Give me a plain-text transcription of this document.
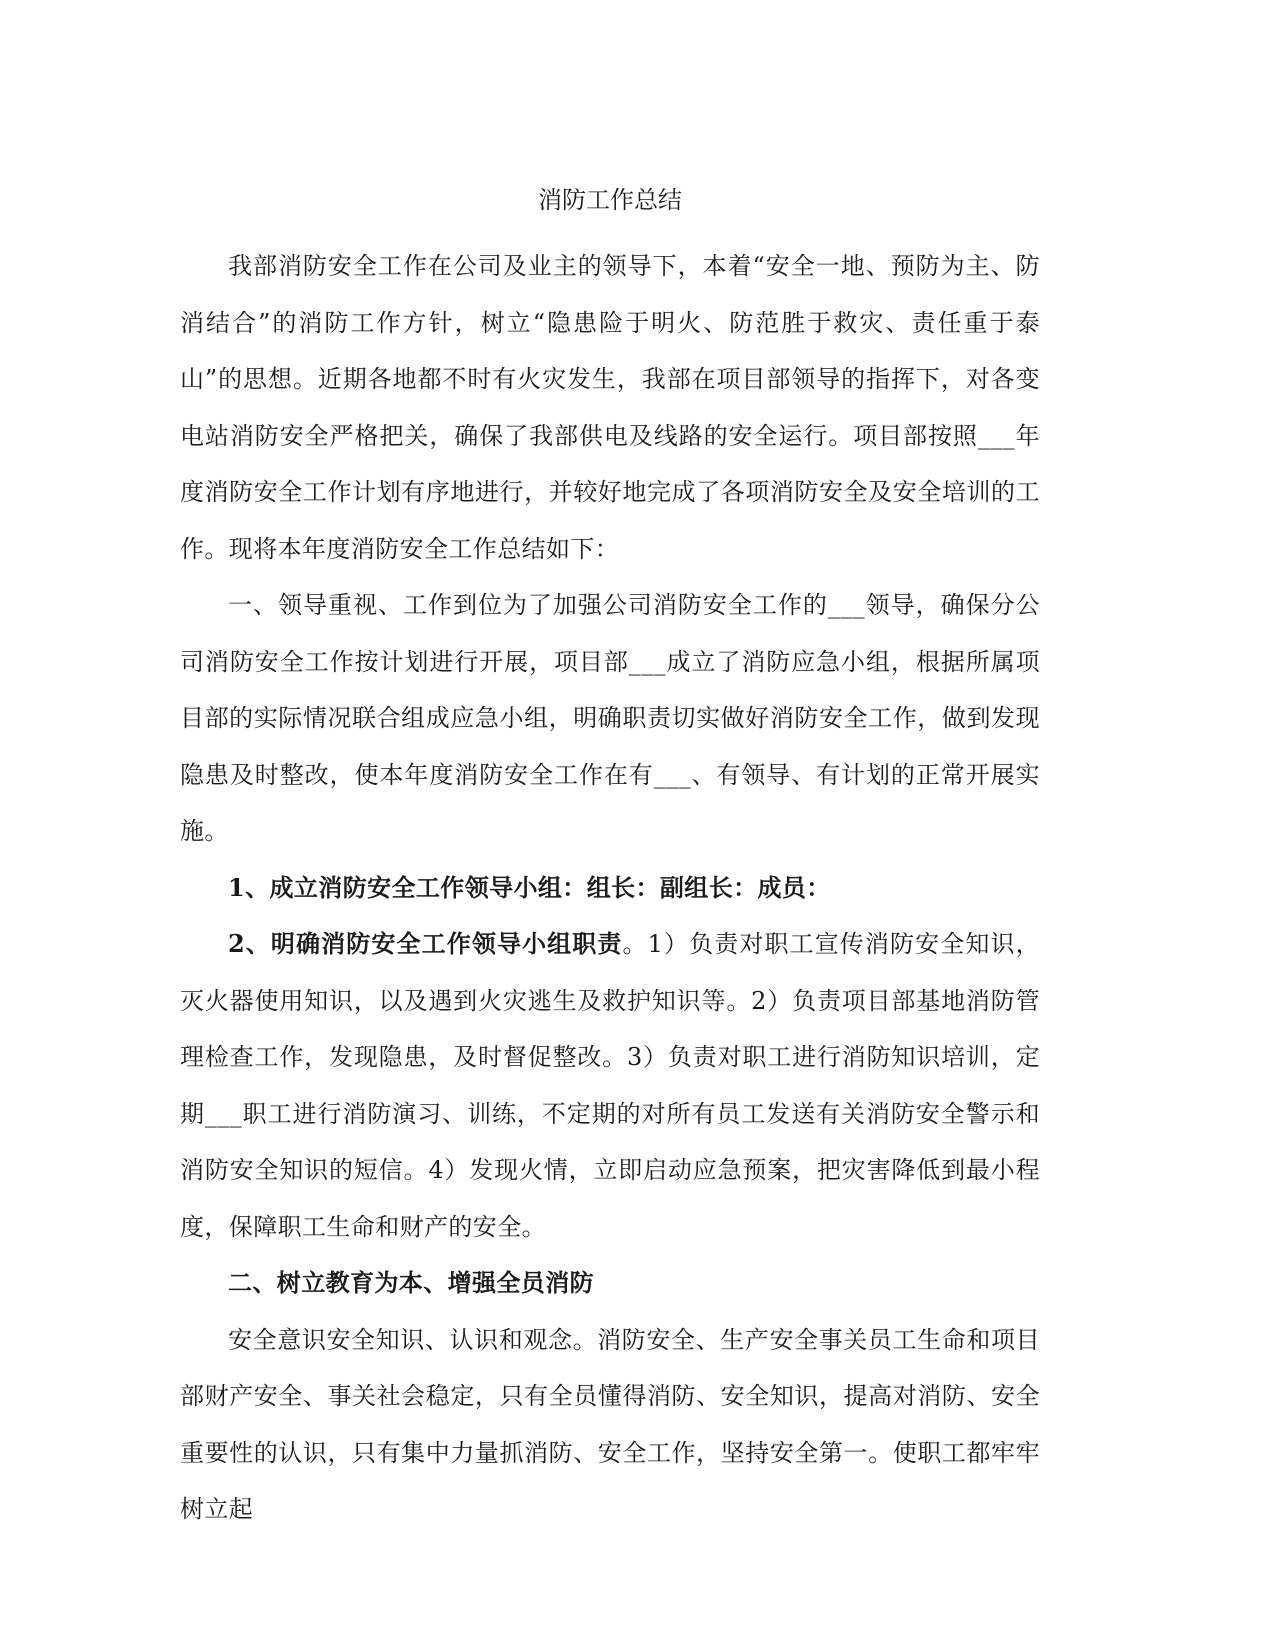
消防工作总结

我部消防安全工作在公司及业主的领导下，本着“安全一地、预防为主、防消结合”的消防工作方针，树立“隐患险于明火、防范胜于救灾、责任重于泰山”的思想。近期各地都不时有火灾发生，我部在项目部领导的指挥下，对各变电站消防安全严格把关，确保了我部供电及线路的安全运行。项目部按照___年度消防安全工作计划有序地进行，并较好地完成了各项消防安全及安全培训的工作。现将本年度消防安全工作总结如下：

一、领导重视、工作到位为了加强公司消防安全工作的___领导，确保分公司消防安全工作按计划进行开展，项目部___成立了消防应急小组，根据所属项目部的实际情况联合组成应急小组，明确职责切实做好消防安全工作，做到发现隐患及时整改，使本年度消防安全工作在有___、有领导、有计划的正常开展实施。

1、成立消防安全工作领导小组：组长：副组长：成员：

2、明确消防安全工作领导小组职责。1）负责对职工宣传消防安全知识，灭火器使用知识，以及遇到火灾逃生及救护知识等。2）负责项目部基地消防管理检查工作，发现隐患，及时督促整改。3）负责对职工进行消防知识培训，定期___职工进行消防演习、训练，不定期的对所有员工发送有关消防安全警示和消防安全知识的短信。4）发现火情，立即启动应急预案，把灾害降低到最小程度，保障职工生命和财产的安全。

二、树立教育为本、增强全员消防

安全意识安全知识、认识和观念。消防安全、生产安全事关员工生命和项目部财产安全、事关社会稳定，只有全员懂得消防、安全知识，提高对消防、安全重要性的认识，只有集中力量抓消防、安全工作，坚持安全第一。使职工都牢牢树立起
